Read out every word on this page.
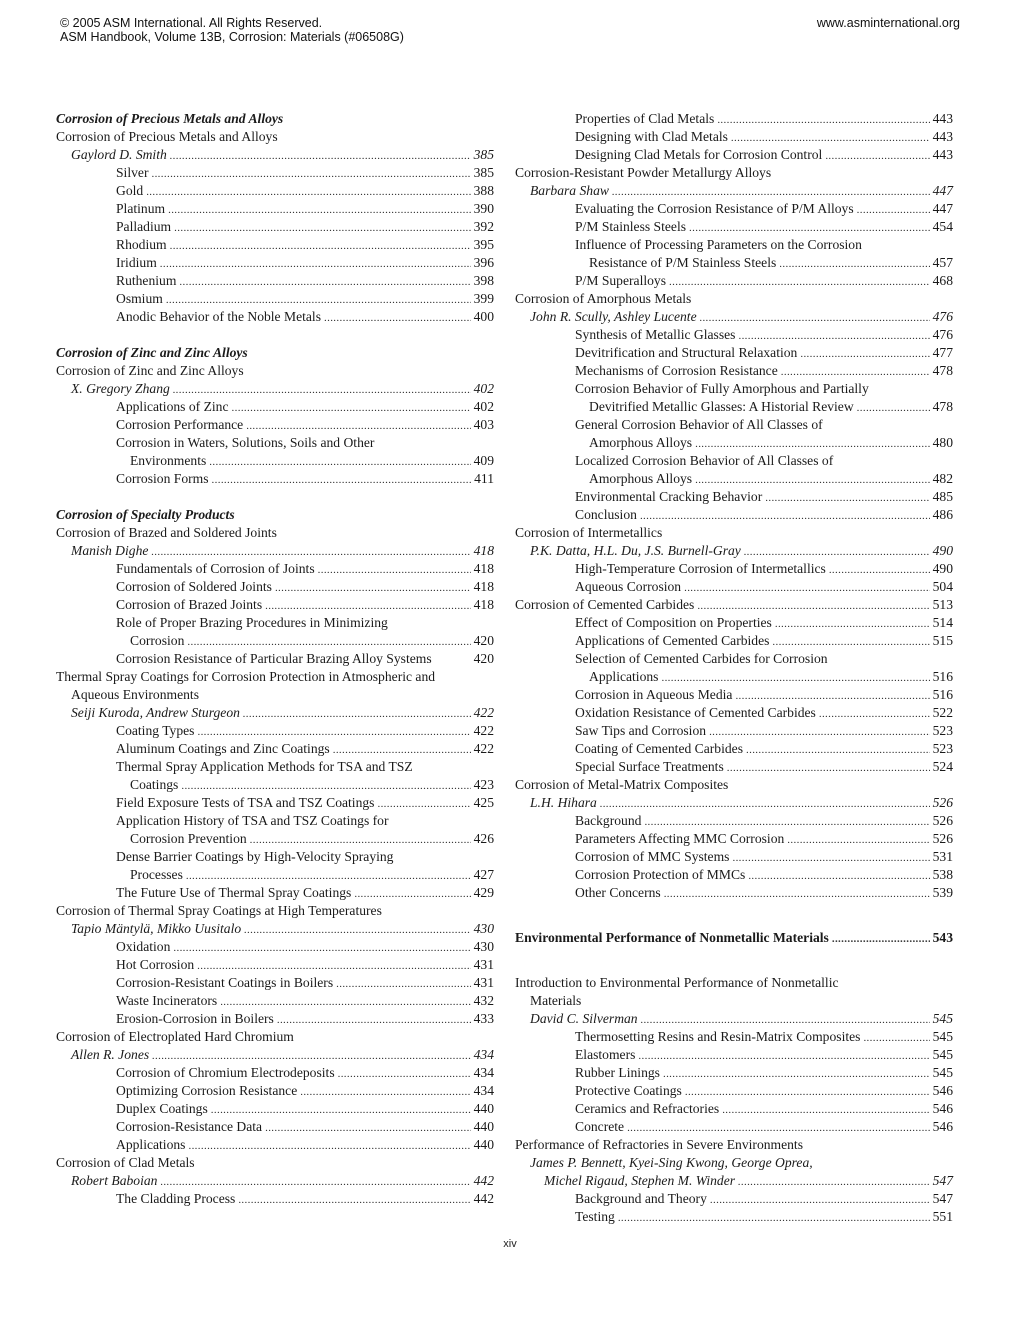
© 2005 ASM International. All Rights Reserved.
ASM Handbook, Volume 13B, Corrosion: Materials (#06508G)
www.asminternational.org
Corrosion of Precious Metals and Alloys
Corrosion of Precious Metals and Alloys
Gaylord D. Smith . . .	385
Silver . . .	385
Gold . . .	388
Platinum . . .	390
Palladium . . .	392
Rhodium . . .	395
Iridium . . .	396
Ruthenium . . .	398
Osmium . . .	399
Anodic Behavior of the Noble Metals . . .	400
Corrosion of Zinc and Zinc Alloys
Corrosion of Zinc and Zinc Alloys
X. Gregory Zhang . . .	402
Applications of Zinc . . .	402
Corrosion Performance . . .	403
Corrosion in Waters, Solutions, Soils and Other
Environments . . .	409
Corrosion Forms . . .	411
Corrosion of Specialty Products
Corrosion of Brazed and Soldered Joints
Manish Dighe . . .	418
Fundamentals of Corrosion of Joints . . .	418
Corrosion of Soldered Joints . . .	418
Corrosion of Brazed Joints . . .	418
Role of Proper Brazing Procedures in Minimizing
Corrosion . . .	420
Corrosion Resistance of Particular Brazing Alloy Systems	420
Thermal Spray Coatings for Corrosion Protection in Atmospheric and
Aqueous Environments
Seiji Kuroda, Andrew Sturgeon . . .	422
Coating Types . . .	422
Aluminum Coatings and Zinc Coatings . . .	422
Thermal Spray Application Methods for TSA and TSZ
Coatings . . .	423
Field Exposure Tests of TSA and TSZ Coatings . . .	425
Application History of TSA and TSZ Coatings for
Corrosion Prevention . . .	426
Dense Barrier Coatings by High-Velocity Spraying
Processes . . .	427
The Future Use of Thermal Spray Coatings . . .	429
Corrosion of Thermal Spray Coatings at High Temperatures
Tapio Mäntylä, Mikko Uusitalo . . .	430
Oxidation . . .	430
Hot Corrosion . . .	431
Corrosion-Resistant Coatings in Boilers . . .	431
Waste Incinerators . . .	432
Erosion-Corrosion in Boilers . . .	433
Corrosion of Electroplated Hard Chromium
Allen R. Jones . . .	434
Corrosion of Chromium Electrodeposits . . .	434
Optimizing Corrosion Resistance . . .	434
Duplex Coatings . . .	440
Corrosion-Resistance Data . . .	440
Applications . . .	440
Corrosion of Clad Metals
Robert Baboian . . .	442
The Cladding Process . . .	442
Properties of Clad Metals . . .	443
Designing with Clad Metals . . .	443
Designing Clad Metals for Corrosion Control . . .	443
Corrosion-Resistant Powder Metallurgy Alloys
Barbara Shaw . . .	447
Evaluating the Corrosion Resistance of P/M Alloys . . .	447
P/M Stainless Steels . . .	454
Influence of Processing Parameters on the Corrosion
Resistance of P/M Stainless Steels . . .	457
P/M Superalloys . . .	468
Corrosion of Amorphous Metals
John R. Scully, Ashley Lucente . . .	476
Synthesis of Metallic Glasses . . .	476
Devitrification and Structural Relaxation . . .	477
Mechanisms of Corrosion Resistance . . .	478
Corrosion Behavior of Fully Amorphous and Partially
Devitrified Metallic Glasses: A Historial Review . . .	478
General Corrosion Behavior of All Classes of
Amorphous Alloys . . .	480
Localized Corrosion Behavior of All Classes of
Amorphous Alloys . . .	482
Environmental Cracking Behavior . . .	485
Conclusion . . .	486
Corrosion of Intermetallics
P.K. Datta, H.L. Du, J.S. Burnell-Gray . . .	490
High-Temperature Corrosion of Intermetallics . . .	490
Aqueous Corrosion . . .	504
Corrosion of Cemented Carbides . . .	513
Effect of Composition on Properties . . .	514
Applications of Cemented Carbides . . .	515
Selection of Cemented Carbides for Corrosion
Applications . . .	516
Corrosion in Aqueous Media . . .	516
Oxidation Resistance of Cemented Carbides . . .	522
Saw Tips and Corrosion . . .	523
Coating of Cemented Carbides . . .	523
Special Surface Treatments . . .	524
Corrosion of Metal-Matrix Composites
L.H. Hihara . . .	526
Background . . .	526
Parameters Affecting MMC Corrosion . . .	526
Corrosion of MMC Systems . . .	531
Corrosion Protection of MMCs . . .	538
Other Concerns . . .	539
Environmental Performance of Nonmetallic Materials . . .	543
Introduction to Environmental Performance of Nonmetallic
Materials
David C. Silverman . . .	545
Thermosetting Resins and Resin-Matrix Composites . . .	545
Elastomers . . .	545
Rubber Linings . . .	545
Protective Coatings . . .	546
Ceramics and Refractories . . .	546
Concrete . . .	546
Performance of Refractories in Severe Environments
James P. Bennett, Kyei-Sing Kwong, George Oprea,
Michel Rigaud, Stephen M. Winder . . .	547
Background and Theory . . .	547
Testing . . .	551
xiv
